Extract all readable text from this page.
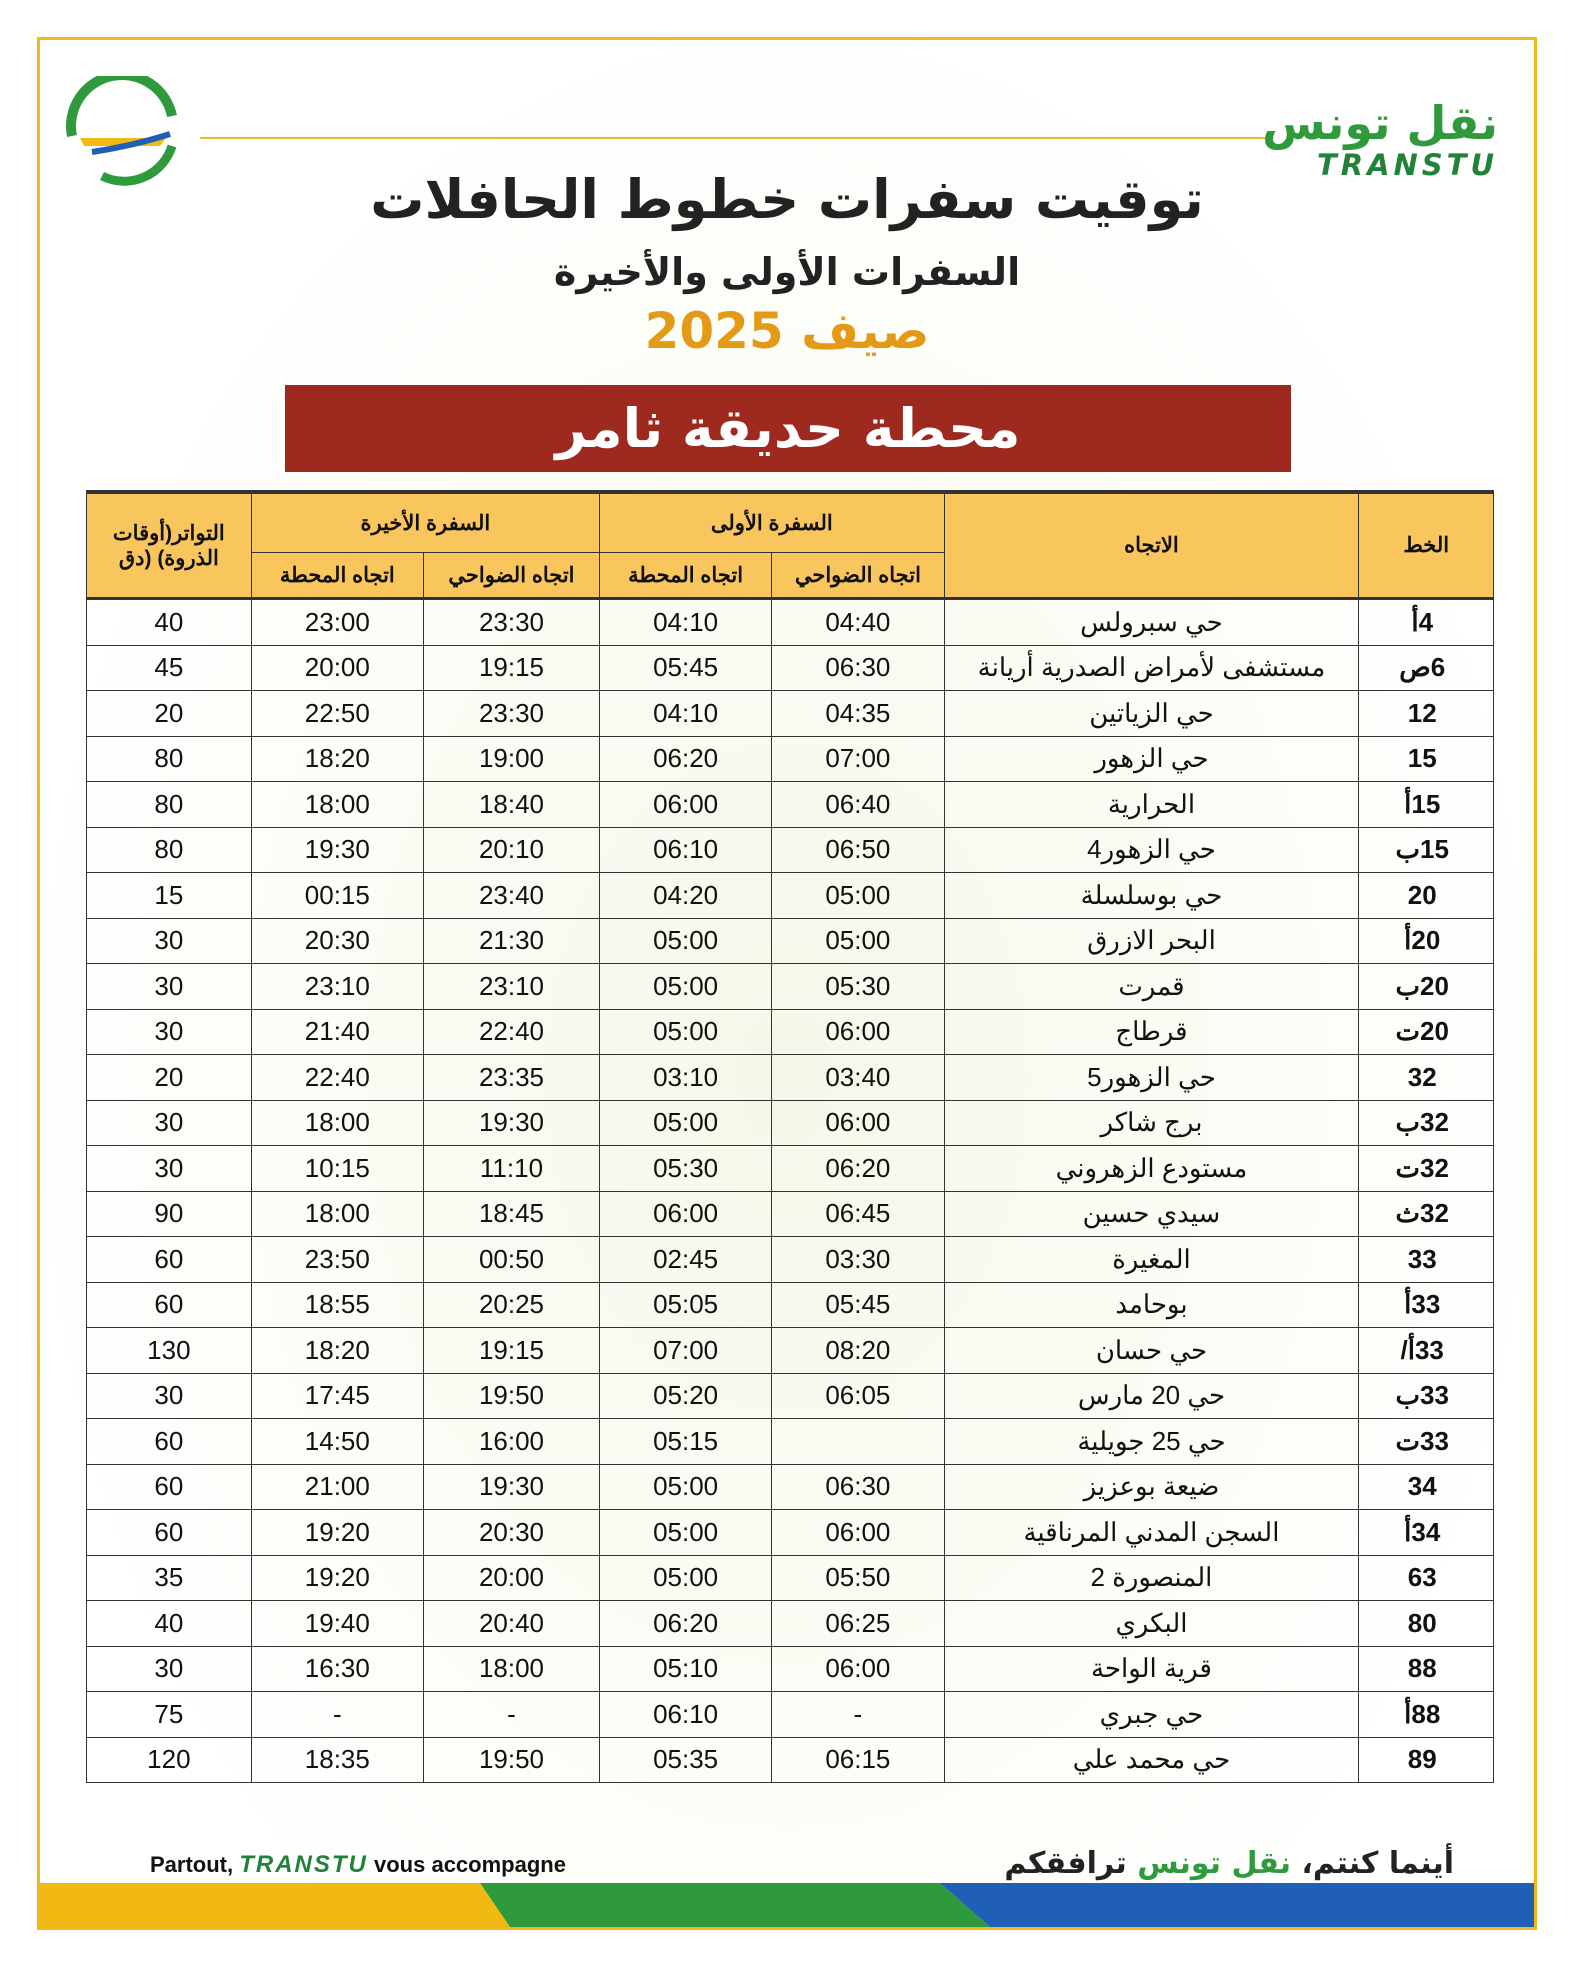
نقل تونس
TRANSTU
توقيت سفرات خطوط الحافلات
السفرات الأولى والأخيرة
صيف 2025
محطة حديقة ثامر
التواتر(أوقات الذروة) (دق	السفرة الأخيرة		السفرة الأولى		الاتجاه	الخط
	اتجاه المحطة	اتجاه الضواحي	اتجاه المحطة	اتجاه الضواحي		
40	23:00	23:30	04:10	04:40	حي سبرولس	4أ
45	20:00	19:15	05:45	06:30	مستشفى لأمراض الصدرية أريانة	6ص
20	22:50	23:30	04:10	04:35	حي الزياتين	12
80	18:20	19:00	06:20	07:00	حي الزهور	15
80	18:00	18:40	06:00	06:40	الحرارية	15أ
80	19:30	20:10	06:10	06:50	حي الزهور4	15ب
15	00:15	23:40	04:20	05:00	حي بوسلسلة	20
30	20:30	21:30	05:00	05:00	البحر الازرق	20أ
30	23:10	23:10	05:00	05:30	قمرت	20ب
30	21:40	22:40	05:00	06:00	قرطاج	20ت
20	22:40	23:35	03:10	03:40	حي الزهور5	32
30	18:00	19:30	05:00	06:00	برج شاكر	32ب
30	10:15	11:10	05:30	06:20	مستودع الزهروني	32ت
90	18:00	18:45	06:00	06:45	سيدي حسين	32ث
60	23:50	00:50	02:45	03:30	المغيرة	33
60	18:55	20:25	05:05	05:45	بوحامد	33أ
130	18:20	19:15	07:00	08:20	حي حسان	33أ/
30	17:45	19:50	05:20	06:05	حي 20 مارس	33ب
60	14:50	16:00	05:15		حي 25 جويلية	33ت
60	21:00	19:30	05:00	06:30	ضيعة بوعزيز	34
60	19:20	20:30	05:00	06:00	السجن المدني المرناقية	34أ
35	19:20	20:00	05:00	05:50	المنصورة 2	63
40	19:40	20:40	06:20	06:25	البكري	80
30	16:30	18:00	05:10	06:00	قرية الواحة	88
75	-	-	06:10	-	حي جبري	88أ
120	18:35	19:50	05:35	06:15	حي محمد علي	89
Partout, TRANSTU vous accompagne	أينما كنتم، نقل تونس ترافقكم
